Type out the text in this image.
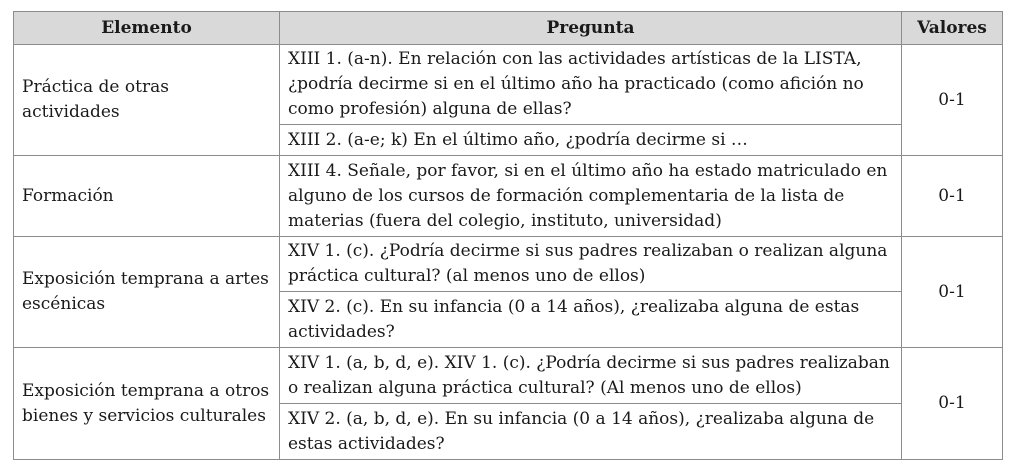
Elemento	Pregunta	Valores
Práctica de otras actividades	XIII 1. (a-n). En relación con las actividades artísticas de la LISTA, ¿podría decirme si en el último año ha practicado (como afición no como profesión) alguna de ellas?	0-1
	XIII 2. (a-e; k) En el último año, ¿podría decirme si …	
Formación	XIII 4. Señale, por favor, si en el último año ha estado matriculado en alguno de los cursos de formación complementaria de la lista de materias (fuera del colegio, instituto, universidad)	0-1
Exposición temprana a artes escénicas	XIV 1. (c). ¿Podría decirme si sus padres realizaban o realizan alguna práctica cultural? (al menos uno de ellos)	0-1
	XIV 2. (c). En su infancia (0 a 14 años), ¿realizaba alguna de estas actividades?	
Exposición temprana a otros bienes y servicios culturales	XIV 1. (a, b, d, e). XIV 1. (c). ¿Podría decirme si sus padres realizaban o realizan alguna práctica cultural? (Al menos uno de ellos)	0-1
	XIV 2. (a, b, d, e). En su infancia (0 a 14 años), ¿realizaba alguna de estas actividades?	
